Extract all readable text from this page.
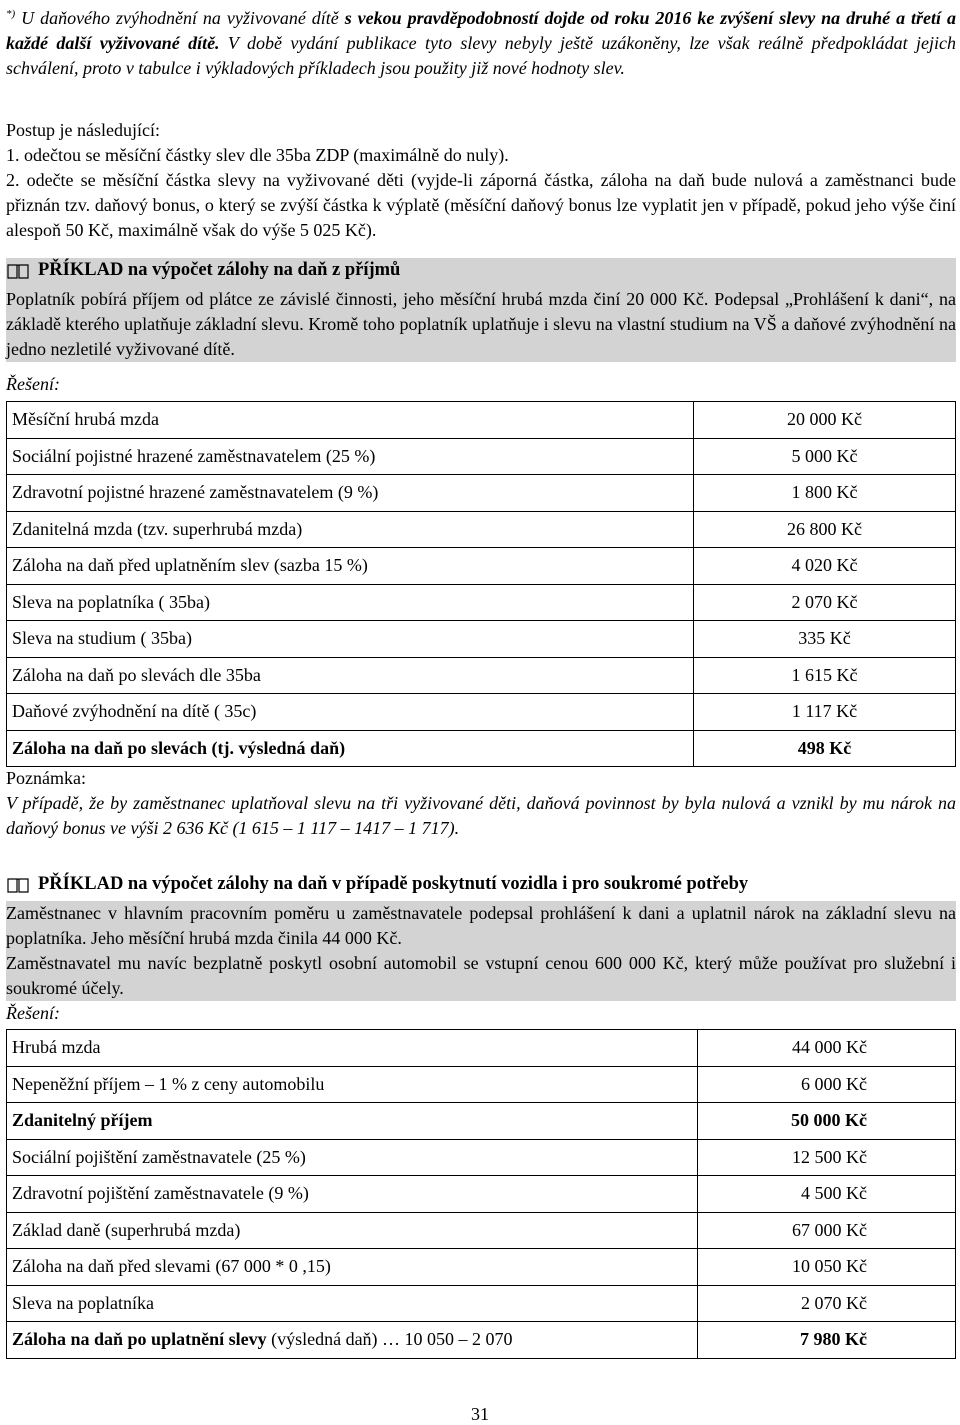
*) U daňového zvýhodnění na vyživované dítě s vekou pravděpodobností dojde od roku 2016 ke zvýšení slevy na druhé a třetí a každé další vyživované dítě. V době vydání publikace tyto slevy nebyly ještě uzákoněny, lze však reálně předpokládat jejich schválení, proto v tabulce i výkladových příkladech jsou použity již nové hodnoty slev.

Postup je následující:

1. odečtou se měsíční částky slev dle 35ba ZDP (maximálně do nuly).

2. odečte se měsíční částka slevy na vyživované děti (vyjde-li záporná částka, záloha na daň bude nulová a zaměstnanci bude přiznán tzv. daňový bonus, o který se zvýší částka k výplatě (měsíční daňový bonus lze vyplatit jen v případě, pokud jeho výše činí alespoň 50 Kč, maximálně však do výše 5 025 Kč).

PŘÍKLAD na výpočet zálohy na daň z příjmů

Poplatník pobírá příjem od plátce ze závislé činnosti, jeho měsíční hrubá mzda činí 20 000 Kč. Podepsal „Prohlášení k dani“, na základě kterého uplatňuje základní slevu. Kromě toho poplatník uplatňuje i slevu na vlastní studium na VŠ a daňové zvýhodnění na jedno nezletilé vyživované dítě.

Řešení:

Měsíční hrubá mzda	20 000 Kč
Sociální pojistné hrazené zaměstnavatelem (25 %)	5 000 Kč
Zdravotní pojistné hrazené zaměstnavatelem (9 %)	1 800 Kč
Zdanitelná mzda (tzv. superhrubá mzda)	26 800 Kč
Záloha na daň před uplatněním slev (sazba 15 %)	4 020 Kč
Sleva na poplatníka ( 35ba)	2 070 Kč
Sleva na studium ( 35ba)	335 Kč
Záloha na daň po slevách dle 35ba	1 615 Kč
Daňové zvýhodnění na dítě ( 35c)	1 117 Kč
Záloha na daň po slevách (tj. výsledná daň)	498 Kč

Poznámka:

V případě, že by zaměstnanec uplatňoval slevu na tři vyživované děti, daňová povinnost by byla nulová a vznikl by mu nárok na daňový bonus ve výši 2 636 Kč (1 615 – 1 117 – 1417 – 1 717).

PŘÍKLAD na výpočet zálohy na daň v případě poskytnutí vozidla i pro soukromé potřeby

Zaměstnanec v hlavním pracovním poměru u zaměstnavatele podepsal prohlášení k dani a uplatnil nárok na základní slevu na poplatníka. Jeho měsíční hrubá mzda činila 44 000 Kč.

Zaměstnavatel mu navíc bezplatně poskytl osobní automobil se vstupní cenou 600 000 Kč, který může používat pro služební i soukromé účely.

Řešení:

Hrubá mzda	44 000 Kč
Nepeněžní příjem – 1 % z ceny automobilu	6 000 Kč
Zdanitelný příjem	50 000 Kč
Sociální pojištění zaměstnavatele (25 %)	12 500 Kč
Zdravotní pojištění zaměstnavatele (9 %)	4 500 Kč
Základ daně (superhrubá mzda)	67 000 Kč
Záloha na daň před slevami (67 000 * 0 ,15)	10 050 Kč
Sleva na poplatníka	2 070 Kč
Záloha na daň po uplatnění slevy (výsledná daň) … 10 050 – 2 070	7 980 Kč
31
